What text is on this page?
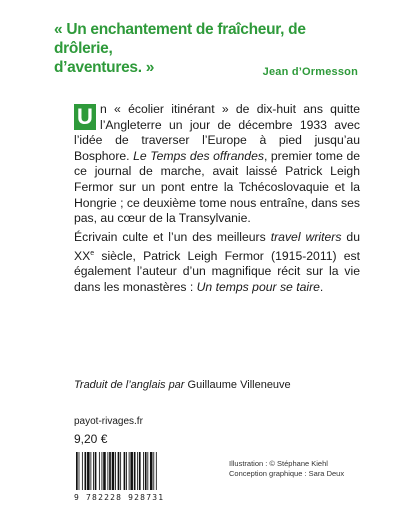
« Un enchantement de fraîcheur, de drôlerie,
d’aventures. »	Jean d’Ormesson
U n « écolier itinérant » de dix-huit ans quitte l’Angleterre un jour de décembre 1933 avec l’idée de traverser l’Europe à pied jusqu’au Bosphore. Le Temps des offrandes, premier tome de ce journal de marche, avait laissé Patrick Leigh Fermor sur un pont entre la Tchécoslovaquie et la Hongrie ; ce deuxième tome nous entraîne, dans ses pas, au cœur de la Transylvanie.
Écrivain culte et l’un des meilleurs travel writers du XXe siècle, Patrick Leigh Fermor (1915-2011) est également l’auteur d’un magnifique récit sur la vie dans les monastères : Un temps pour se taire.
Traduit de l’anglais par Guillaume Villeneuve
payot-rivages.fr
9,20 €
9 782228 928731
Illustration : © Stéphane Kiehl
Conception graphique : Sara Deux
